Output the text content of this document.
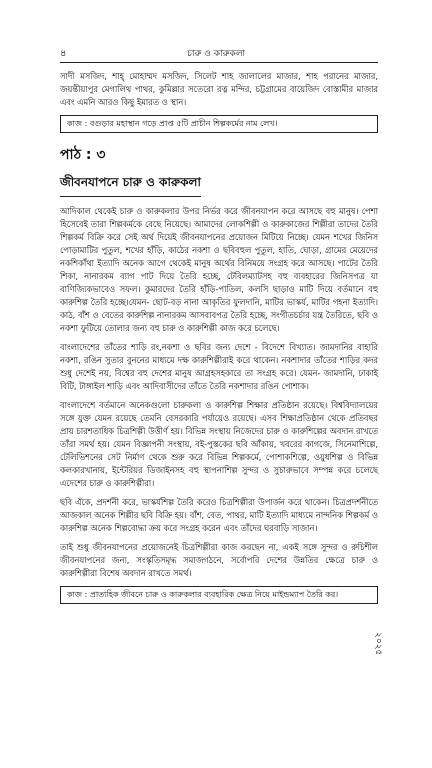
৪	চারু ও কারুকলা

সাদী মসজিদ, শাহ্ মোহাম্মদ মসজিদ, সিলেট শাহ জালালের মাজার, শাহ পরানের মাজার, জয়ন্তীয়াপুর মেগালিথ পাথর, কুমিল্লার সতেরো রত্ন মন্দির, চট্টগ্রামের বায়েজিদ বোস্তামীর মাজার এবং এমনি আরও কিছু ইমারত ও স্থান।

কাজ : বগুড়ার মহাস্থান গড়ে প্রাপ্ত ৫টি প্রাচীন শিল্পকর্মের নাম লেখ।
পাঠ : ৩
জীবনযাপনে চারু ও কারুকলা

আদিকাল থেকেই চারু ও কারুকলার উপর নির্ভর করে জীবনযাপন করে আসছে বহু মানুষ। পেশা হিসেবেই তারা শিল্পকর্মকে বেছে নিয়েছে। আমাদের লোকশিল্পী ও কারুকাজের শিল্পীরা তাদের তৈরি শিল্পকর্ম বিক্রি করে সেই অর্থ দিয়েই জীবনযাপনের প্রয়োজন মিটিয়ে নিচ্ছে। যেমন শখের জিনিস পোড়ামাটির পুতুল, শখের হাঁড়ি, কাঠের নকশা ও ছবিবহুল পুতুল, হাতি, ঘোড়া, গ্রামের মেয়েদের নকশিকাঁথা ইত্যাদি অনেক আগে থেকেই মানুষ অর্থের বিনিময়ে সংগ্রহ করে আসছে। পাটের তৈরি শিকা, নানারকম ব্যাগ পাট দিয়ে তৈরি হচ্ছে, টেবিলম্যাটসহ বহু ব্যবহারের জিনিসপত্র যা বাণিজ্যিকভাবেও সফল। কুমারদের তৈরি হাঁড়ি-পাতিল, কলসি ছাড়াও মাটি দিয়ে বর্তমানে বহু কারুশিল্প তৈরি হচ্ছে।যেমন- ছোট-বড় নানা আকৃতির ফুলদানি, মাটির ভাস্কর্য, মাটির গহনা ইত্যাদি। কাঠ, বাঁশ ও বেতের কারুশিল্প নানারকম আসবাবপত্র তৈরি হচ্ছে, সংগীতচর্চার যন্ত্র তৈরিতে, ছবি ও নকশা ফুটিয়ে তোলার জন্য বহু চারু ও কারুশিল্পী কাজ করে চলেছে।

বাংলাদেশের তাঁতের শাড়ি রং,নকশা ও ছবির জন্য দেশে - বিদেশে বিখ্যাত। জামদানির বাহারি নকশা, রঙিন সুতার বুননের মাধ্যমে দক্ষ কারুশিল্পীরাই করে থাকেন। নকশাদার তাঁতের শাড়ির কদর শুধু দেশেই নয়, বিশ্বের বহু দেশের মানুষ আগ্রহসহকারে তা সংগ্রহ করে। যেমন- জামদানি, ঢাকাই বিটি, টাঙ্গাইল শাড়ি এবং আদিবাসীদের তাঁতে তৈরি নকশাদার রঙিন পোশাক।

বাংলাদেশে বর্তমানে অনেকগুলো চারুকলা ও কারুশিল্প শিক্ষার প্রতিষ্ঠান রয়েছে। বিশ্ববিদ্যালয়ের সঙ্গে যুক্ত যেমন রয়েছে তেমনি বেসরকারি পর্যায়েও রয়েছে। এসব শিক্ষাপ্রতিষ্ঠান থেকে প্রতিবছর প্রায় চারশতাধিক চিত্রশিল্পী উত্তীর্ণ হয়। বিভিন্ন সংস্থায় নিজেদের চারু ও কারুশিল্পের অবদান রাখতে তাঁরা সমর্থ হয়। যেমন বিজ্ঞাপনী সংস্থায়, বই-পুস্তকের ছবি আঁকায়, খবরের কাগজে, সিনেমাশিল্পে, টেলিভিশনের সেট নির্মাণ থেকে শুরু করে বিভিন্ন শিল্পকর্মে, পোশাকশিল্পে, ওয়ুধশিল্প ও বিভিন্ন কলকারখানায়, ইন্টেরিয়র ডিজাইনসহ বহু স্থাপনাশিল্প সুন্দর ও সুচারুভাবে সম্পন্ন করে চলেছে এদেশের চারু ও কারুশিল্পীরা।

ছবি এঁকে, প্রদর্শনী করে, ভাস্কর্যশিল্প তৈরি করেও চিত্রশিল্পীরা উপার্জন করে থাকেন। চিত্রপ্রদর্শনীতে আজকাল অনেক শিল্পীর ছবি বিক্রি হয়। বাঁশ, বেত, পাথর, মাটি ইত্যাদি মাধ্যমে নান্দনিক শিল্পকর্ম ও কারুশিল্প অনেক শিল্পবোদ্ধা ক্রয় করে সংগ্রহ করেন এবং তাঁদের ঘরবাড়ি সাজান।

তাই শুধু জীবনযাপনের প্রয়োজনেই চিত্রশিল্পীরা কাজ করছেন না, একই সঙ্গে সুন্দর ও রুচিশীল জীবনযাপনের জন্য, সংস্কৃতিসমৃদ্ধ সমাজগঠনে, সর্বোপরি দেশের উন্নতির ক্ষেত্রে চারু ও কারুশিল্পীরা বিশেষ অবদান রাখতে সমর্থ।

কাজ : প্রাত্যহিক জীবনে চারু ও কারুকলার ব্যবহারিক ক্ষেত্র নিয়ে মাইন্ডম্যাপ তৈরি কর।
২০২৫
